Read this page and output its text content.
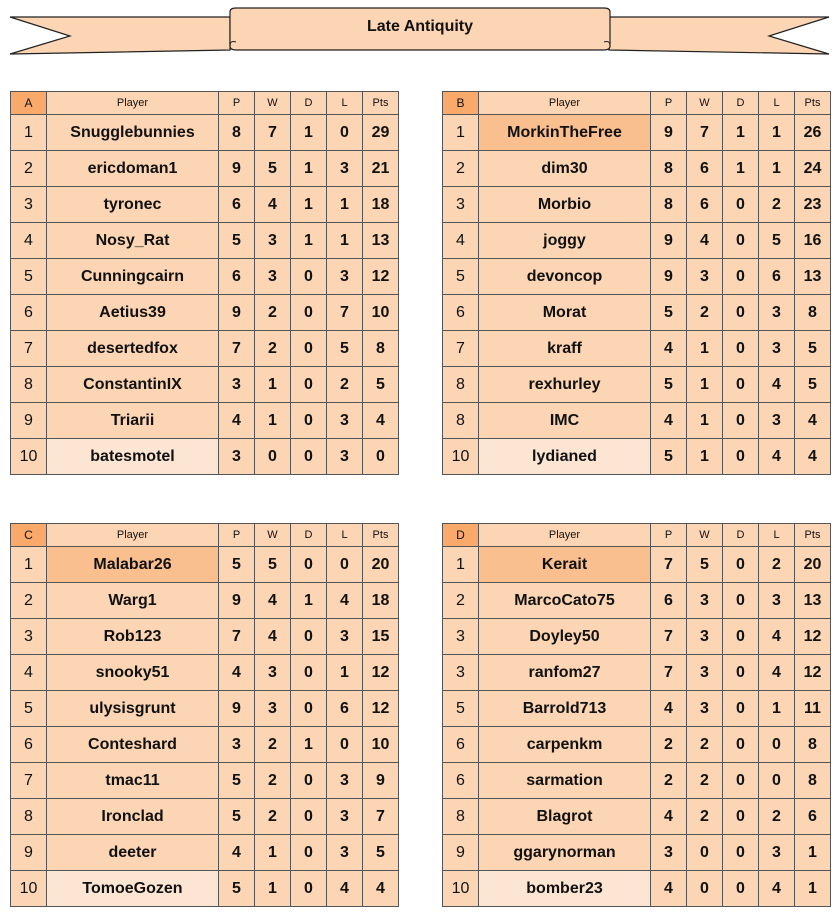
Late Antiquity
A	Player	P	W	D	L	Pts
1	Snugglebunnies	8	7	1	0	29
2	ericdoman1	9	5	1	3	21
3	tyronec	6	4	1	1	18
4	Nosy_Rat	5	3	1	1	13
5	Cunningcairn	6	3	0	3	12
6	Aetius39	9	2	0	7	10
7	desertedfox	7	2	0	5	8
8	ConstantinIX	3	1	0	2	5
9	Triarii	4	1	0	3	4
10	batesmotel	3	0	0	3	0
B	Player	P	W	D	L	Pts
1	MorkinTheFree	9	7	1	1	26
2	dim30	8	6	1	1	24
3	Morbio	8	6	0	2	23
4	joggy	9	4	0	5	16
5	devoncop	9	3	0	6	13
6	Morat	5	2	0	3	8
7	kraff	4	1	0	3	5
8	rexhurley	5	1	0	4	5
8	IMC	4	1	0	3	4
10	lydianed	5	1	0	4	4
C	Player	P	W	D	L	Pts
1	Malabar26	5	5	0	0	20
2	Warg1	9	4	1	4	18
3	Rob123	7	4	0	3	15
4	snooky51	4	3	0	1	12
5	ulysisgrunt	9	3	0	6	12
6	Conteshard	3	2	1	0	10
7	tmac11	5	2	0	3	9
8	Ironclad	5	2	0	3	7
9	deeter	4	1	0	3	5
10	TomoeGozen	5	1	0	4	4
D	Player	P	W	D	L	Pts
1	Kerait	7	5	0	2	20
2	MarcoCato75	6	3	0	3	13
3	Doyley50	7	3	0	4	12
3	ranfom27	7	3	0	4	12
5	Barrold713	4	3	0	1	11
6	carpenkm	2	2	0	0	8
6	sarmation	2	2	0	0	8
8	Blagrot	4	2	0	2	6
9	ggarynorman	3	0	0	3	1
10	bomber23	4	0	0	4	1
